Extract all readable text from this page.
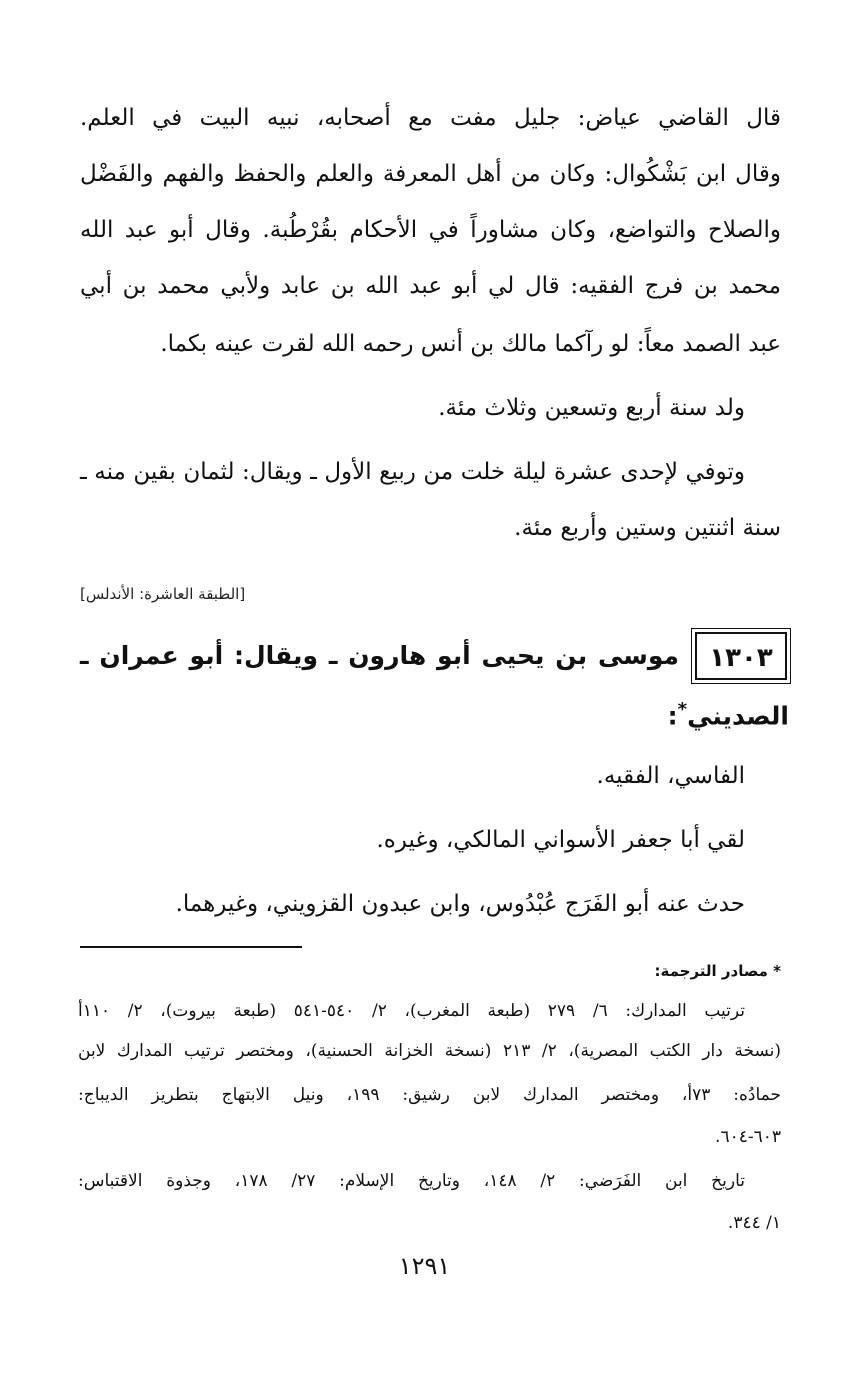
قال القاضي عياض: جليل مفت مع أصحابه، نبيه البيت في العلم.
وقال ابن بَشْكُوال: وكان من أهل المعرفة والعلم والحفظ والفهم والفَضْل
والصلاح والتواضع، وكان مشاوراً في الأحكام بقُرْطُبة. وقال أبو عبد الله
محمد بن فرج الفقيه: قال لي أبو عبد الله بن عابد ولأبي محمد بن أبي
عبد الصمد معاً: لو رآكما مالك بن أنس رحمه الله لقرت عينه بكما.
ولد سنة أربع وتسعين وثلاث مئة.
وتوفي لإحدى عشرة ليلة خلت من ربيع الأول ـ ويقال: لثمان بقين منه ـ
سنة اثنتين وستين وأربع مئة.
[الطبقة العاشرة: الأندلس]
١٣٠٣
موسى بن يحيى أبو هارون ـ ويقال: أبو عمران ـ
الصديني*:
الفاسي، الفقيه.
لقي أبا جعفر الأسواني المالكي، وغيره.
حدث عنه أبو الفَرَج عُبْدُوس، وابن عبدون القزويني، وغيرهما.
* مصادر الترجمة:
ترتيب المدارك: ٦/ ٢٧٩ (طبعة المغرب)، ٢/ ٥٤٠-٥٤١ (طبعة بيروت)، ٢/ ١١٠أ
(نسخة دار الكتب المصرية)، ٢/ ٢١٣ (نسخة الخزانة الحسنية)، ومختصر ترتيب المدارك لابن
حمادُه: ٧٣أ، ومختصر المدارك لابن رشيق: ١٩٩، ونيل الابتهاج بتطريز الديباج:
٦٠٣-٦٠٤.
تاريخ ابن الفَرَضي: ٢/ ١٤٨، وتاريخ الإسلام: ٢٧/ ١٧٨، وجذوة الاقتباس:
١/ ٣٤٤.
١٢٩١
